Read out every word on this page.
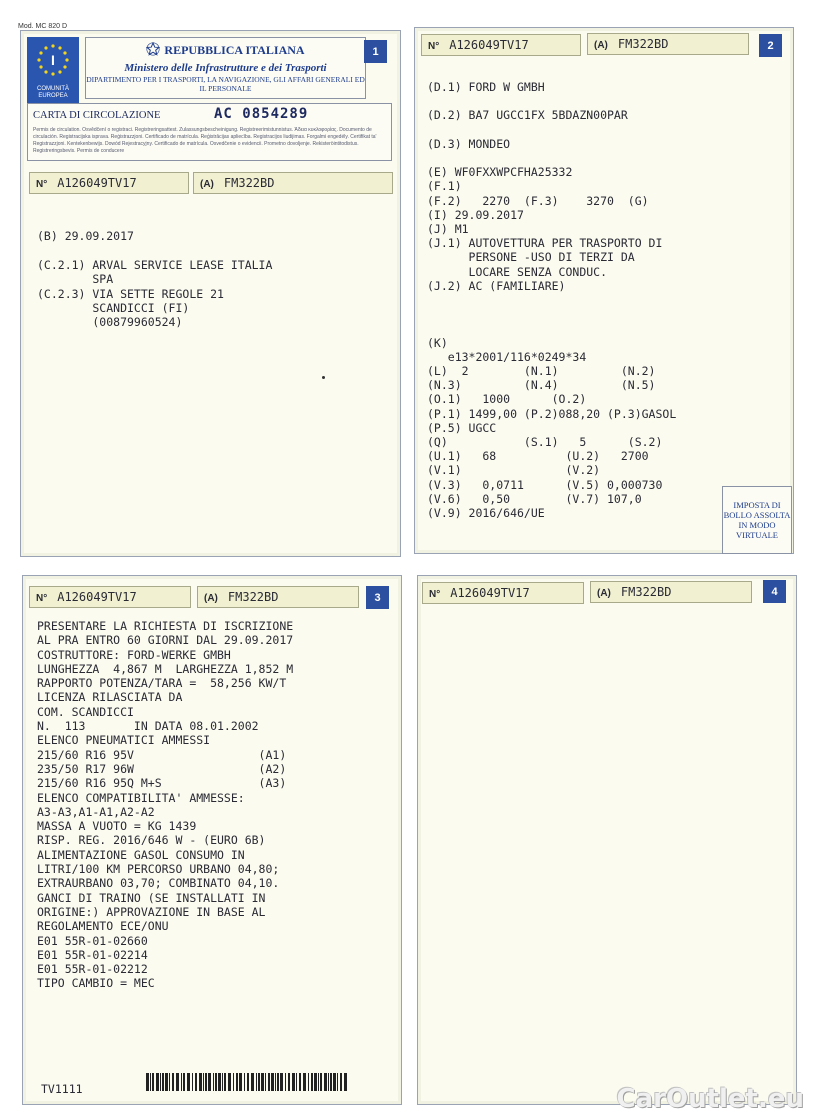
Mod. MC 820 D
I
COMUNITÀ EUROPEA
REPUBBLICA ITALIANA
Ministero delle Infrastrutture e dei Trasporti
DIPARTIMENTO PER I TRASPORTI, LA NAVIGAZIONE, GLI AFFARI GENERALI ED IL PERSONALE
1
CARTA DI CIRCOLAZIONE	AC 0854289
Permis de circulation. Osvědčení o registraci. Registreringsattest. Zulassungsbescheinigung. Registreerimistunnistus. Άδεια κυκλοφορίας. Documento de circulación. Registracijska isprava. Reġistrazzjoni. Certificado de matrícula. Reģistrācijas apliecība. Registracijos liudijimas. Forgalmi engedély. Certifikat ta' Registrazzjoni. Kentekenbewijs. Dowód Rejestracyjny. Certificado de matrícula. Osvedčenie o evidencii. Prometno dovoljenje. Rekisteröintitodistus. Registreringsbevis. Permis de conducere
N° A126049TV17	(A) FM322BD
(B) 29.09.2017

(C.2.1) ARVAL SERVICE LEASE ITALIA
SPA
(C.2.3) VIA SETTE REGOLE 21
SCANDICCI (FI)
(00879960524)
N° A126049TV17	(A) FM322BD	2
(D.1) FORD W GMBH

(D.2) BA7 UGCC1FX 5BDAZN00PAR

(D.3) MONDEO

(E) WF0FXXWPCFHA25332
(F.1)
(F.2)   2270  (F.3)    3270  (G)
(I) 29.09.2017
(J) M1
(J.1) AUTOVETTURA PER TRASPORTO DI
PERSONE -USO DI TERZI DA
LOCARE SENZA CONDUC.
(J.2) AC (FAMILIARE)

(K)
e13*2001/116*0249*34
(L)  2        (N.1)         (N.2)
(N.3)         (N.4)         (N.5)
(O.1)   1000      (O.2)
(P.1) 1499,00 (P.2)088,20 (P.3)GASOL
(P.5) UGCC
(Q)           (S.1)   5      (S.2)
(U.1)   68          (U.2)   2700
(V.1)               (V.2)
(V.3)   0,0711      (V.5) 0,000730
(V.6)   0,50        (V.7) 107,0
(V.9) 2016/646/UE
IMPOSTA DI BOLLO ASSOLTA IN MODO VIRTUALE
N° A126049TV17	(A) FM322BD	3
PRESENTARE LA RICHIESTA DI ISCRIZIONE
AL PRA ENTRO 60 GIORNI DAL 29.09.2017
COSTRUTTORE: FORD-WERKE GMBH
LUNGHEZZA  4,867 M  LARGHEZZA 1,852 M
RAPPORTO POTENZA/TARA =  58,256 KW/T
LICENZA RILASCIATA DA
COM. SCANDICCI
N.  113       IN DATA 08.01.2002
ELENCO PNEUMATICI AMMESSI
215/60 R16 95V                  (A1)
235/50 R17 96W                  (A2)
215/60 R16 95Q M+S              (A3)
ELENCO COMPATIBILITA' AMMESSE:
A3-A3,A1-A1,A2-A2
MASSA A VUOTO = KG 1439
RISP. REG. 2016/646 W - (EURO 6B)
ALIMENTAZIONE GASOL CONSUMO IN
LITRI/100 KM PERCORSO URBANO 04,80;
EXTRAURBANO 03,70; COMBINATO 04,10.
GANCI DI TRAINO (SE INSTALLATI IN
ORIGINE:) APPROVAZIONE IN BASE AL
REGOLAMENTO ECE/ONU
E01 55R-01-02660
E01 55R-01-02214
E01 55R-01-02212
TIPO CAMBIO = MEC
TV1111
N° A126049TV17	(A) FM322BD	4
CarOutlet.eu
